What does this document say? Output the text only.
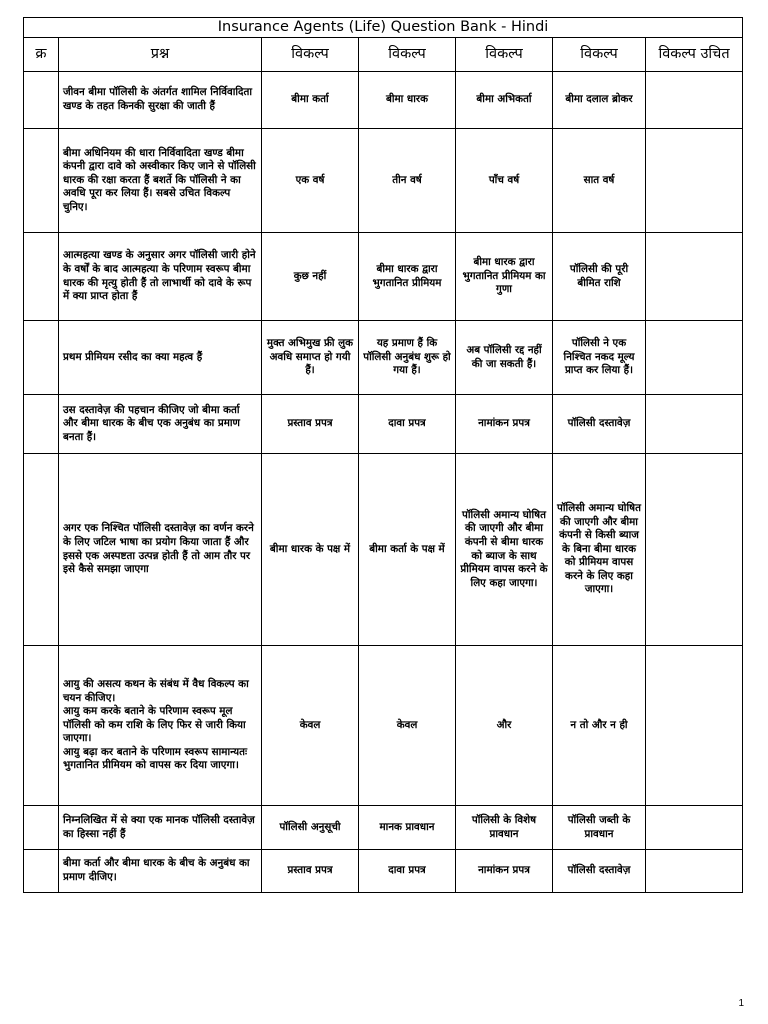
Insurance Agents (Life) Question Bank - Hindi						
क्र	प्रश्न	विकल्प	विकल्प	विकल्प	विकल्प	विकल्प उचित
	जीवन बीमा पॉलिसी के अंतर्गत शामिल निर्विवादिता खण्ड के तहत किनकी सुरक्षा की जाती हैं	बीमा कर्ता	बीमा धारक	बीमा अभिकर्ता	बीमा दलाल ब्रोकर	
	बीमा अधिनियम की धारा निर्विवादिता खण्ड बीमा कंपनी द्वारा दावे को अस्वीकार किए जाने से पॉलिसी धारक की रक्षा करता हैं बशर्ते कि पॉलिसी ने का अवधि पूरा कर लिया हैं। सबसे उचित विकल्प चुनिए।	एक वर्ष	तीन वर्ष	पाँच वर्ष	सात वर्ष	
	आत्महत्या खण्ड के अनुसार अगर पॉलिसी जारी होने के वर्षों के बाद आत्महत्या के परिणाम स्वरूप बीमा धारक की मृत्यु होती हैं तो लाभार्थी को दावे के रूप में क्या प्राप्त होता हैं	कुछ नहीं	बीमा धारक द्वारा भुगतानित प्रीमियम	बीमा धारक द्वारा भुगतानित प्रीमियम का गुणा	पॉलिसी की पूरी बीमित राशि	
	प्रथम प्रीमियम रसीद का क्या महत्व हैं	मुक्त अभिमुख फ्री लुक अवधि समाप्त हो गयी हैं।	यह प्रमाण हैं कि पॉलिसी अनुबंध शुरू हो गया हैं।	अब पॉलिसी रद्द नहीं की जा सकती हैं।	पॉलिसी ने एक निश्चित नकद मूल्य प्राप्त कर लिया हैं।	
	उस दस्तावेज़ की पहचान कीजिए जो बीमा कर्ता और बीमा धारक के बीच एक अनुबंध का प्रमाण बनता हैं।	प्रस्ताव प्रपत्र	दावा प्रपत्र	नामांकन प्रपत्र	पॉलिसी दस्तावेज़	
	अगर एक निश्चित पॉलिसी दस्तावेज़ का वर्णन करने के लिए जटिल भाषा का प्रयोग किया जाता हैं और इससे एक अस्पष्टता उत्पन्न होती हैं तो आम तौर पर इसे कैसे समझा जाएगा	बीमा धारक के पक्ष में	बीमा कर्ता के पक्ष में	पॉलिसी अमान्य घोषित की जाएगी और बीमा कंपनी से बीमा धारक को ब्याज के साथ प्रीमियम वापस करने के लिए कहा जाएगा।	पॉलिसी अमान्य घोषित की जाएगी और बीमा कंपनी से किसी ब्याज के बिना बीमा धारक को प्रीमियम वापस करने के लिए कहा जाएगा।	

	आयु की असत्य कथन के संबंध में वैध विकल्प का चयन कीजिए।
आयु कम करके बताने के परिणाम स्वरूप मूल पॉलिसी को कम राशि के लिए फिर से जारी किया जाएगा।
आयु बढ़ा कर बताने के परिणाम स्वरूप सामान्यतः भुगतानित प्रीमियम को वापस कर दिया जाएगा।	केवल	केवल	और	न तो और न ही	
	निम्नलिखित में से क्या एक मानक पॉलिसी दस्तावेज़ का हिस्सा नहीं हैं	पॉलिसी अनुसूची	मानक प्रावधान	पॉलिसी के विशेष प्रावधान	पॉलिसी जब्ती के प्रावधान	
	बीमा कर्ता और बीमा धारक के बीच के अनुबंध का प्रमाण दीजिए।	प्रस्ताव प्रपत्र	दावा प्रपत्र	नामांकन प्रपत्र	पॉलिसी दस्तावेज़	
1
